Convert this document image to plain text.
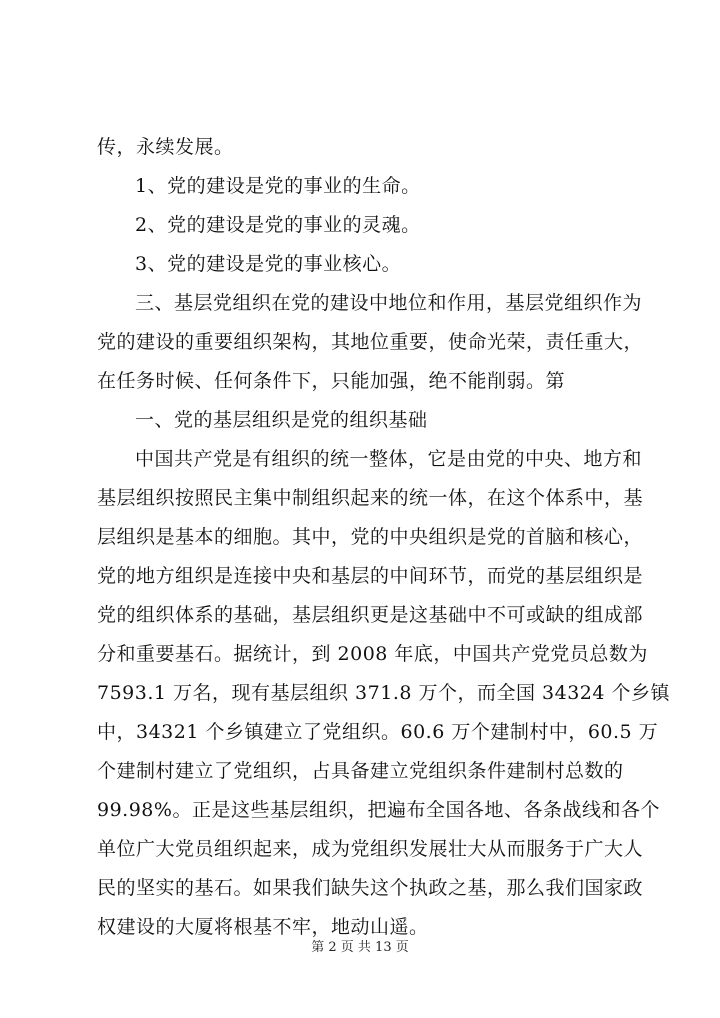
传，永续发展。
1、党的建设是党的事业的生命。
2、党的建设是党的事业的灵魂。
3、党的建设是党的事业核心。
三、基层党组织在党的建设中地位和作用，基层党组织作为
党的建设的重要组织架构，其地位重要，使命光荣，责任重大，
在任务时候、任何条件下，只能加强，绝不能削弱。第
一、党的基层组织是党的组织基础
中国共产党是有组织的统一整体，它是由党的中央、地方和
基层组织按照民主集中制组织起来的统一体，在这个体系中，基
层组织是基本的细胞。其中，党的中央组织是党的首脑和核心，
党的地方组织是连接中央和基层的中间环节，而党的基层组织是
党的组织体系的基础，基层组织更是这基础中不可或缺的组成部
分和重要基石。据统计，到 2008 年底，中国共产党党员总数为
7593.1 万名，现有基层组织 371.8 万个，而全国 34324 个乡镇
中，34321 个乡镇建立了党组织。60.6 万个建制村中，60.5 万
个建制村建立了党组织，占具备建立党组织条件建制村总数的
99.98%。正是这些基层组织，把遍布全国各地、各条战线和各个
单位广大党员组织起来，成为党组织发展壮大从而服务于广大人
民的坚实的基石。如果我们缺失这个执政之基，那么我们国家政
权建设的大厦将根基不牢，地动山遥。
第 2 页 共 13 页
